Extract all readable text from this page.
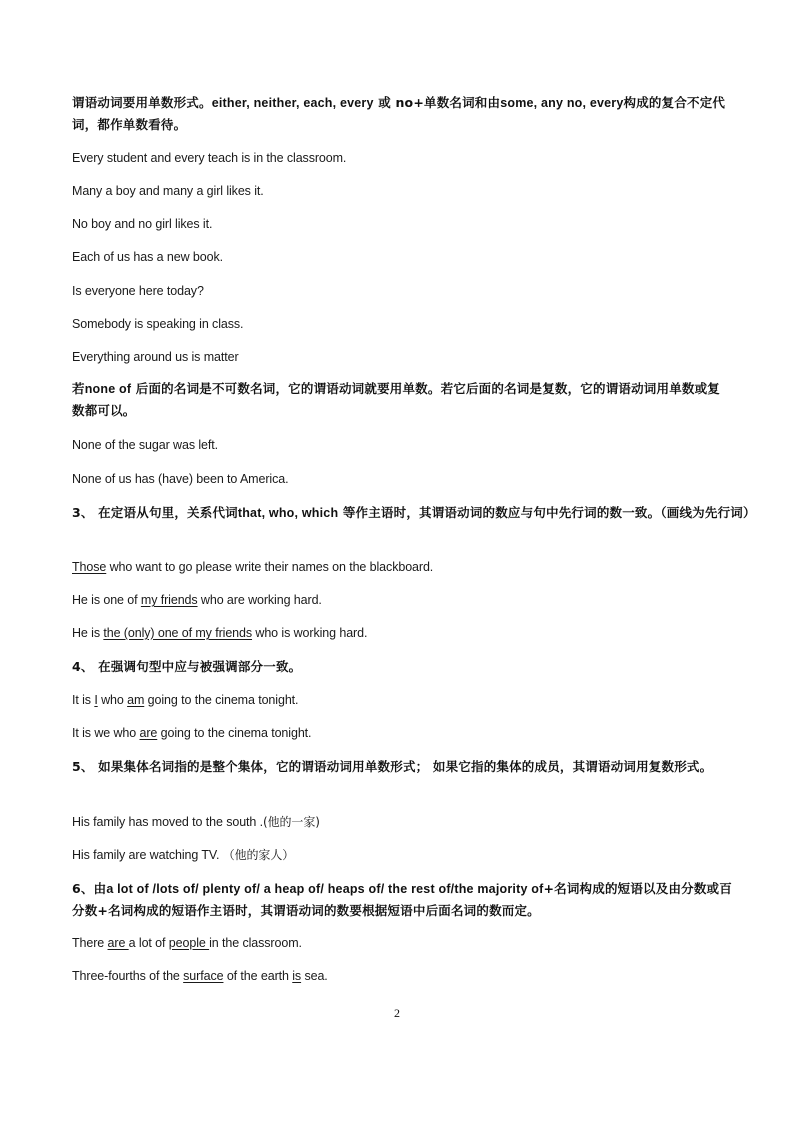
谓语动词要用单数形式。either, neither, each, every 或 no+单数名词和由some, any no, every构成的复合不定代词，都作单数看待。
Every student and every teach is in the classroom.
Many a boy and many a girl likes it.
No boy and no girl likes it.
Each of us has a new book.
Is everyone here today?
Somebody is speaking in class.
Everything around us is matter
若none of 后面的名词是不可数名词，它的谓语动词就要用单数。若它后面的名词是复数，它的谓语动词用单数或复数都可以。
None of the sugar was left.
None of us has (have) been to America.
3、 在定语从句里，关系代词that, who, which 等作主语时，其谓语动词的数应与句中先行词的数一致。（画线为先行词）
Those who want to go please write their names on the blackboard.
He is one of my friends who are working hard.
He is the (only) one of my friends who is working hard.
4、 在强调句型中应与被强调部分一致。
It is I who am going to the cinema tonight.
It is we who are going to the cinema tonight.
5、 如果集体名词指的是整个集体，它的谓语动词用单数形式； 如果它指的集体的成员，其谓语动词用复数形式。
His family has moved to the south .(他的一家)
His family are watching TV. （他的家人）
6、由a lot of /lots of/ plenty of/ a heap of/ heaps of/ the rest of/the majority of+名词构成的短语以及由分数或百分数+名词构成的短语作主语时，其谓语动词的数要根据短语中后面名词的数而定。
There are a lot of people in the classroom.
Three-fourths of the surface of the earth is sea.
2
